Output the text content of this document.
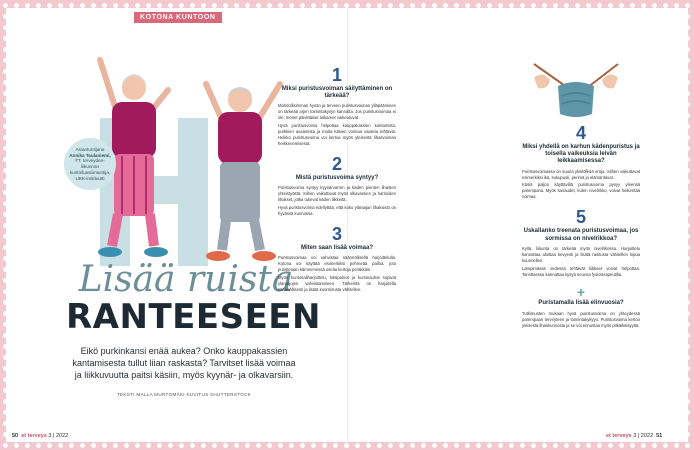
KOTONA KUNTOON
Asiantuntijana
Annika Taulaniemi,
FT, terveyden-
liikunnan
kuntoiluasiantuntija,
UKK-instituutti
Lisää ruista
RANTEESEEN
Eikö purkinkansi enää aukea? Onko kauppakassien kantamisesta tullut liian raskasta? Tarvitset lisää voimaa ja liikkuvuutta paitsi käsiin, myös kyynär- ja olkavarsiin.
TEKSTI MALLA MURTOMÄKI KUVITUS SHUTTERSTOCK
50 et terveys 3 | 2022
1
Miksi puristusvoiman säilyttäminen on tärkeää?

Mahdollisimman hyvän ja terveen puristusvoiman ylläpitäminen on tärkeää arjen toimintakyvyn kannalta. Jos puristusvoimaa ei ole, monet päivittäiset askareet vaikeutuvat.

Hyvä puristusvoima helpottaa kauppakassien kantamista, purkkien avaamista ja muita käsien voimaa vaativia tehtäviä. Heikko puristusvoima voi kertoa myös yleisestä lihasvoiman heikkenemisestä.

2
Mistä puristusvoima syntyy?

Puristusvoima syntyy kyynärvarren ja käden pienten lihasten yhteistyöstä. Siihen vaikuttavat myös olkavarsien ja hartioiden lihakset, jotka tukevat käden liikkeitä.

Hyvä puristusvoima edellyttää, että koko yläraajan lihaksisto on hyvässä kunnossa.

3
Miten saan lisää voimaa?

Puristusvoimaa voi vahvistaa säännöllisellä harjoittelulla. Kotona voi käyttää esimerkiksi pehmeää palloa, jota puristetaan kämmenessä useita kertoja peräkkäin.

Myös kuntosaliharjoittelu, käsipainot ja kuminauhat sopivat yläraajojen vahvistamiseen. Tärkeintä on harjoitella säännöllisesti ja lisätä kuormitusta vähitellen.

4
Miksi yhdellä on karhun kädenpuristus ja toisella vaikeuksia leivän leikkaamisessa?

Puristusvoimassa on suuria yksilöllisiä eroja. Siihen vaikuttavat esimerkiksi ikä, sukupuoli, perimä ja elämäntavat.

Käsiä paljon käyttävillä puristusvoima pysyy yleensä parempana. Myös sairaudet, kuten nivelrikko, voivat heikentää voimaa.

5
Uskallanko treenata puristusvoimaa, jos sormissa on nivelrikkoa?

Kyllä, liikunta on tärkeää myös nivelrikossa. Harjoittelu kannattaa aloittaa kevyesti ja lisätä rasitusta vähitellen kipua kuunnellen.

Lämpimässä vedessä tehtävät liikkeet voivat helpottaa. Tarvittaessa kannattaa kysyä neuvoa fysioterapeutilta.

+
Puristamalla lisää elinvuosia?

Tutkimusten mukaan hyvä puristusvoima on yhteydessä parempaan terveyteen ja toimintakykyyn. Puristusvoima kertoo yleisestä lihaskunnosta ja se voi ennustaa myös pitkäikäisyyttä.

et terveys 3 | 2022 51
